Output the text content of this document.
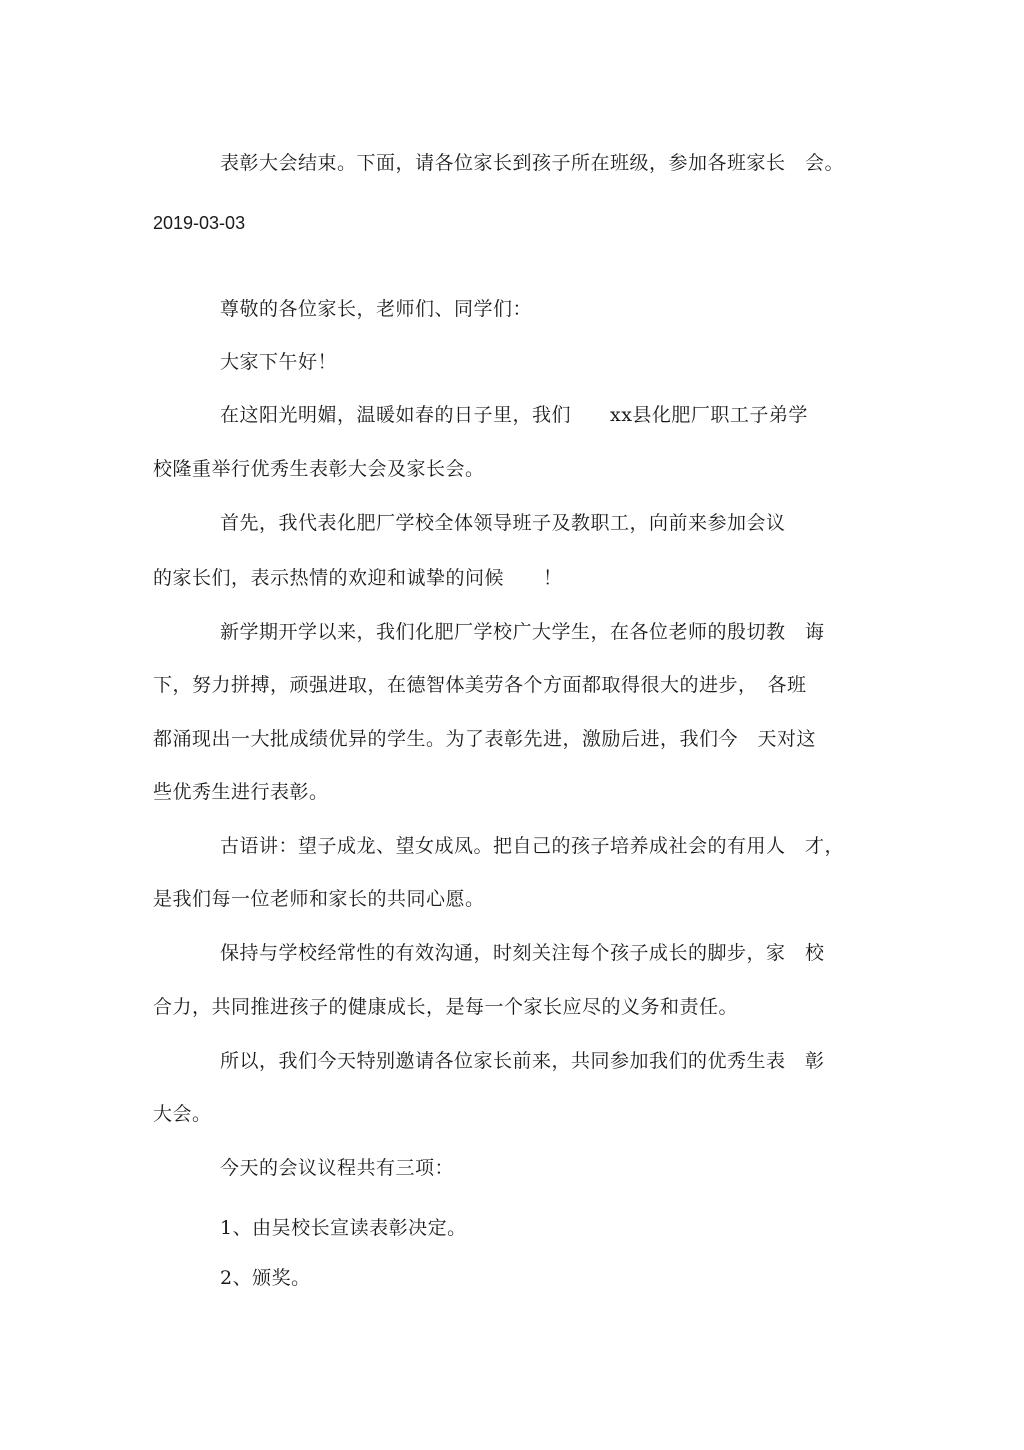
表彰大会结束。下面，请各位家长到孩子所在班级，参加各班家长　会。
2019-03-03
尊敬的各位家长，老师们、同学们：
大家下午好！
在这阳光明媚，温暖如春的日子里，我们　　xx县化肥厂职工子弟学
校隆重举行优秀生表彰大会及家长会。
首先，我代表化肥厂学校全体领导班子及教职工，向前来参加会议
的家长们，表示热情的欢迎和诚挚的问候　　！
新学期开学以来，我们化肥厂学校广大学生，在各位老师的殷切教　诲
下，努力拼搏，顽强进取，在德智体美劳各个方面都取得很大的进步，　各班
都涌现出一大批成绩优异的学生。为了表彰先进，激励后进，我们今　天对这
些优秀生进行表彰。
古语讲：望子成龙、望女成凤。把自己的孩子培养成社会的有用人　才，
是我们每一位老师和家长的共同心愿。
保持与学校经常性的有效沟通，时刻关注每个孩子成长的脚步，家　校
合力，共同推进孩子的健康成长，是每一个家长应尽的义务和责任。
所以，我们今天特别邀请各位家长前来，共同参加我们的优秀生表　彰
大会。
今天的会议议程共有三项：
1、由吴校长宣读表彰决定。
2、颁奖。
